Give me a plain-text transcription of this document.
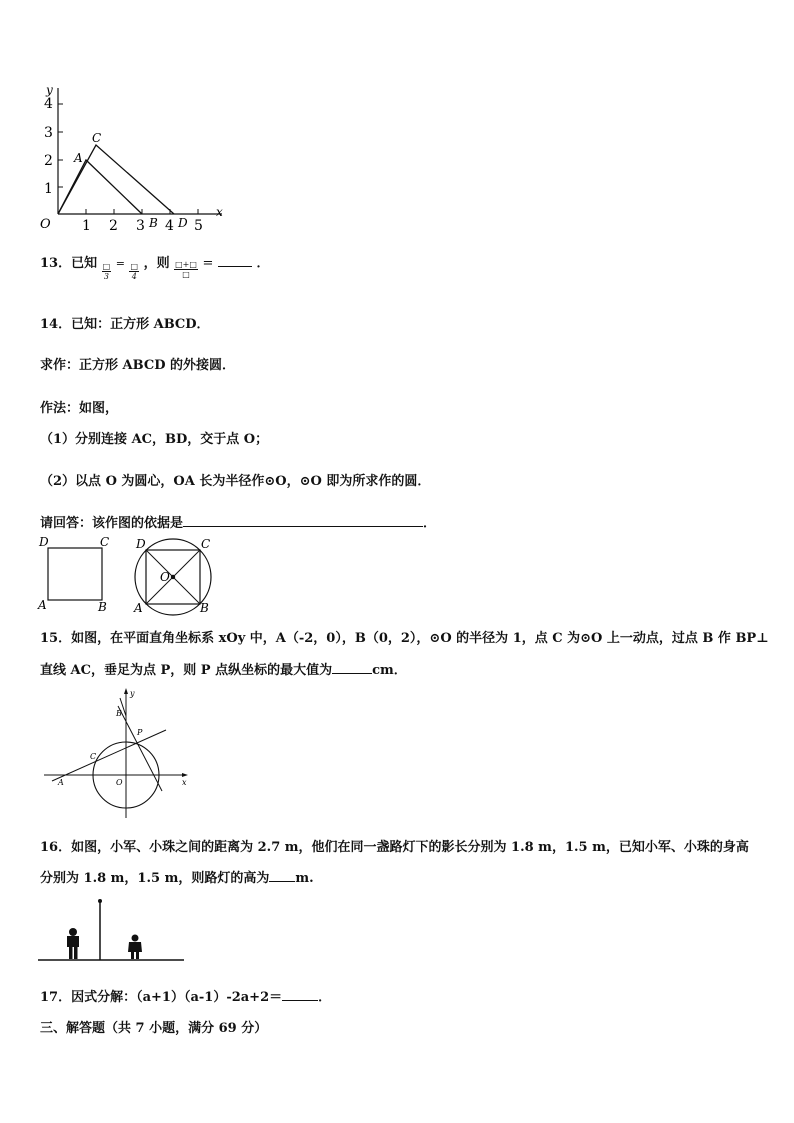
y
x
4
3
2
1
O 1 2 3 B 4 D 5
A
C
13．已知 $\frac{□}{3} = \frac{□}{4}$ ，则 $\frac{□+□}{□}$ =	．
14．已知：正方形 ABCD．
求作：正方形 ABCD 的外接圆．
作法：如图，
（1）分别连接 AC，BD，交于点 O；
（2）以点 O 为圆心，OA 长为半径作⊙O，⊙O 即为所求作的圆．
请回答：该作图的依据是	．
D	C
A	B
D	C
O
A	B
15．如图，在平面直角坐标系 xOy 中，A（-2，0），B（0，2），⊙O 的半径为 1，点 C 为⊙O 上一动点，过点 B 作 BP⊥
直线 AC，垂足为点 P，则 P 点纵坐标的最大值为	cm．
y
x
B
P
C
A	O
16．如图，小军、小珠之间的距离为 2.7 m，他们在同一盏路灯下的影长分别为 1.8 m，1.5 m，已知小军、小珠的身高
分别为 1.8 m，1.5 m，则路灯的高为 m.
17．因式分解：（a+1）（a-1）-2a+2＝	．
三、解答题（共 7 小题，满分 69 分）
